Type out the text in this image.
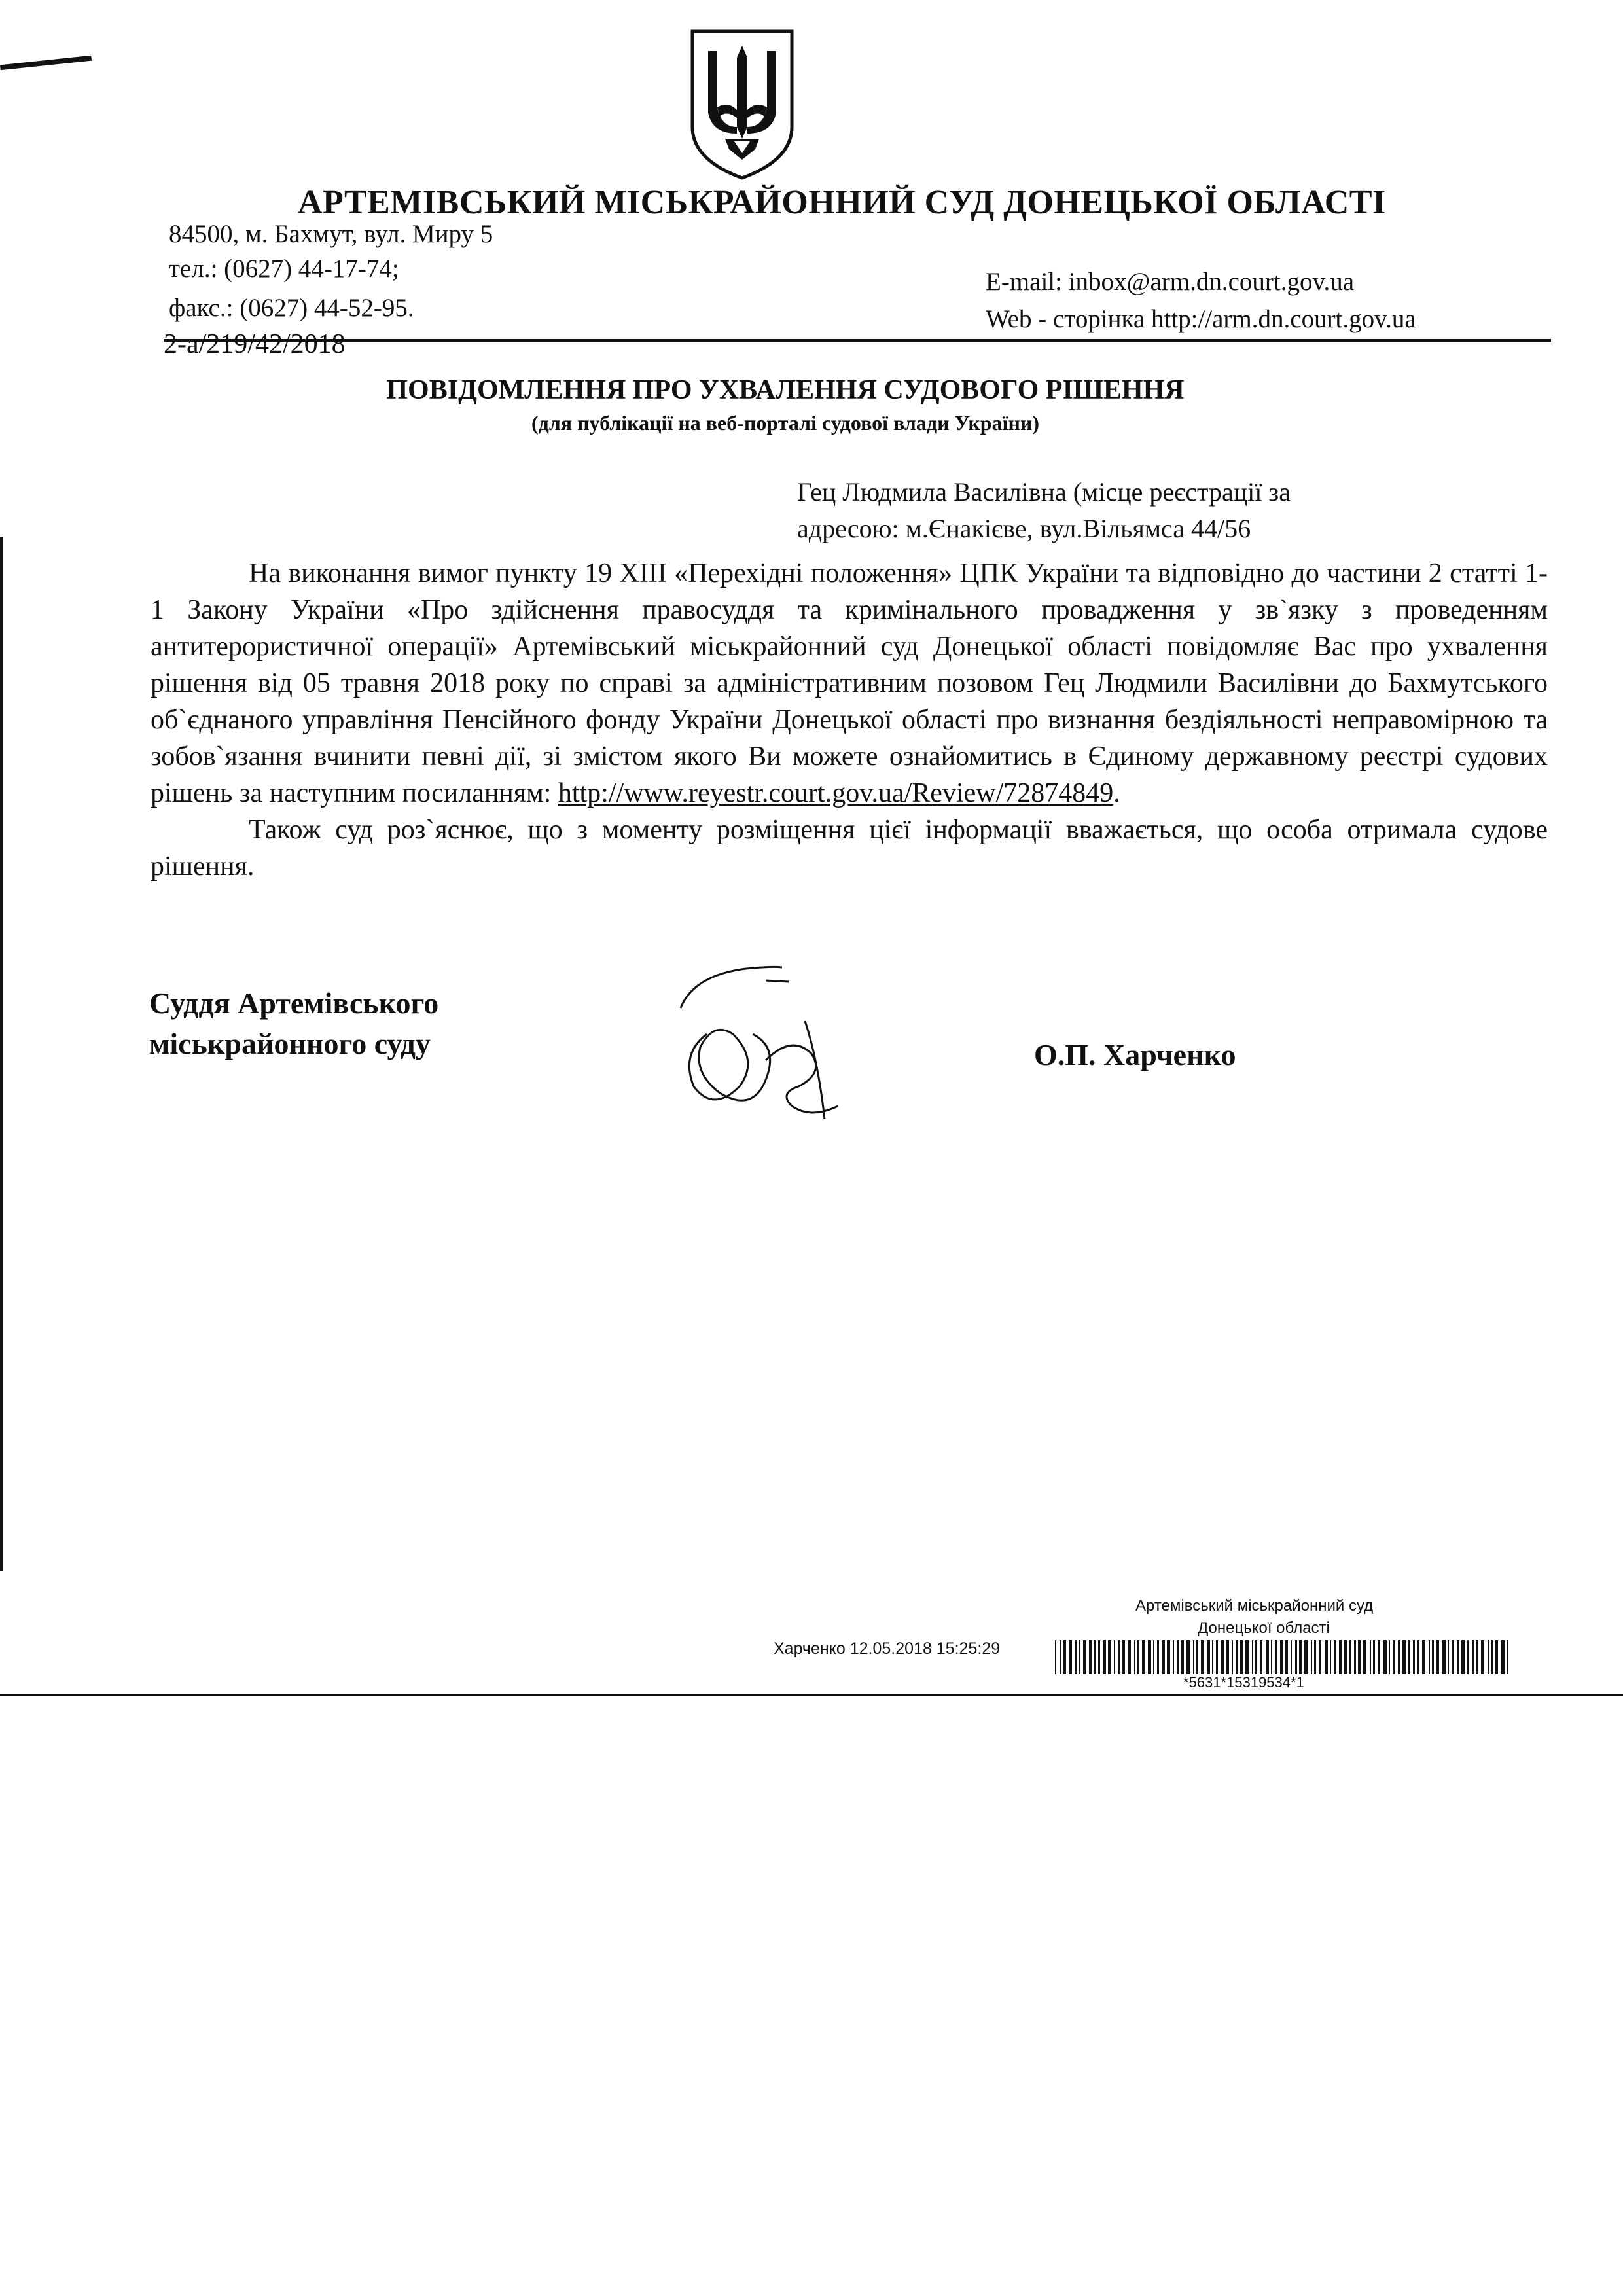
АРТЕМІВСЬКИЙ МІСЬКРАЙОННИЙ СУД ДОНЕЦЬКОЇ ОБЛАСТІ
84500, м. Бахмут, вул. Миру 5
тел.: (0627) 44-17-74;
факс.: (0627) 44-52-95.
E-mail: inbox@arm.dn.court.gov.ua
Web - сторінка http://arm.dn.court.gov.ua
2-а/219/42/2018
ПОВІДОМЛЕННЯ ПРО УХВАЛЕННЯ СУДОВОГО РІШЕННЯ
(для публікації на веб-порталі судової влади України)
Гец Людмила Василівна (місце реєстрації за
адресою: м.Єнакієве, вул.Вільямса 44/56

На виконання вимог пункту 19 XIII «Перехідні положення» ЦПК України та відповідно до частини 2 статті 1-1 Закону України «Про здійснення правосуддя та кримінального провадження у зв`язку з проведенням антитерористичної операції» Артемівський міськрайонний суд Донецької області повідомляє Вас про ухвалення рішення від 05 травня 2018 року по справі за адміністративним позовом Гец Людмили Василівни до Бахмутського об`єднаного управління Пенсійного фонду України Донецької області про визнання бездіяльності неправомірною та зобов`язання вчинити певні дії, зі змістом якого Ви можете ознайомитись в Єдиному державному реєстрі судових рішень за наступним посиланням: http://www.reyestr.court.gov.ua/Review/72874849.

Також суд роз`яснює, що з моменту розміщення цієї інформації вважається, що особа отримала судове рішення.

Суддя Артемівського
міськрайонного суду	О.П. Харченко
Артемівський міськрайонний суд
Донецької області
Харченко 12.05.2018 15:25:29
*5631*15319534*1
